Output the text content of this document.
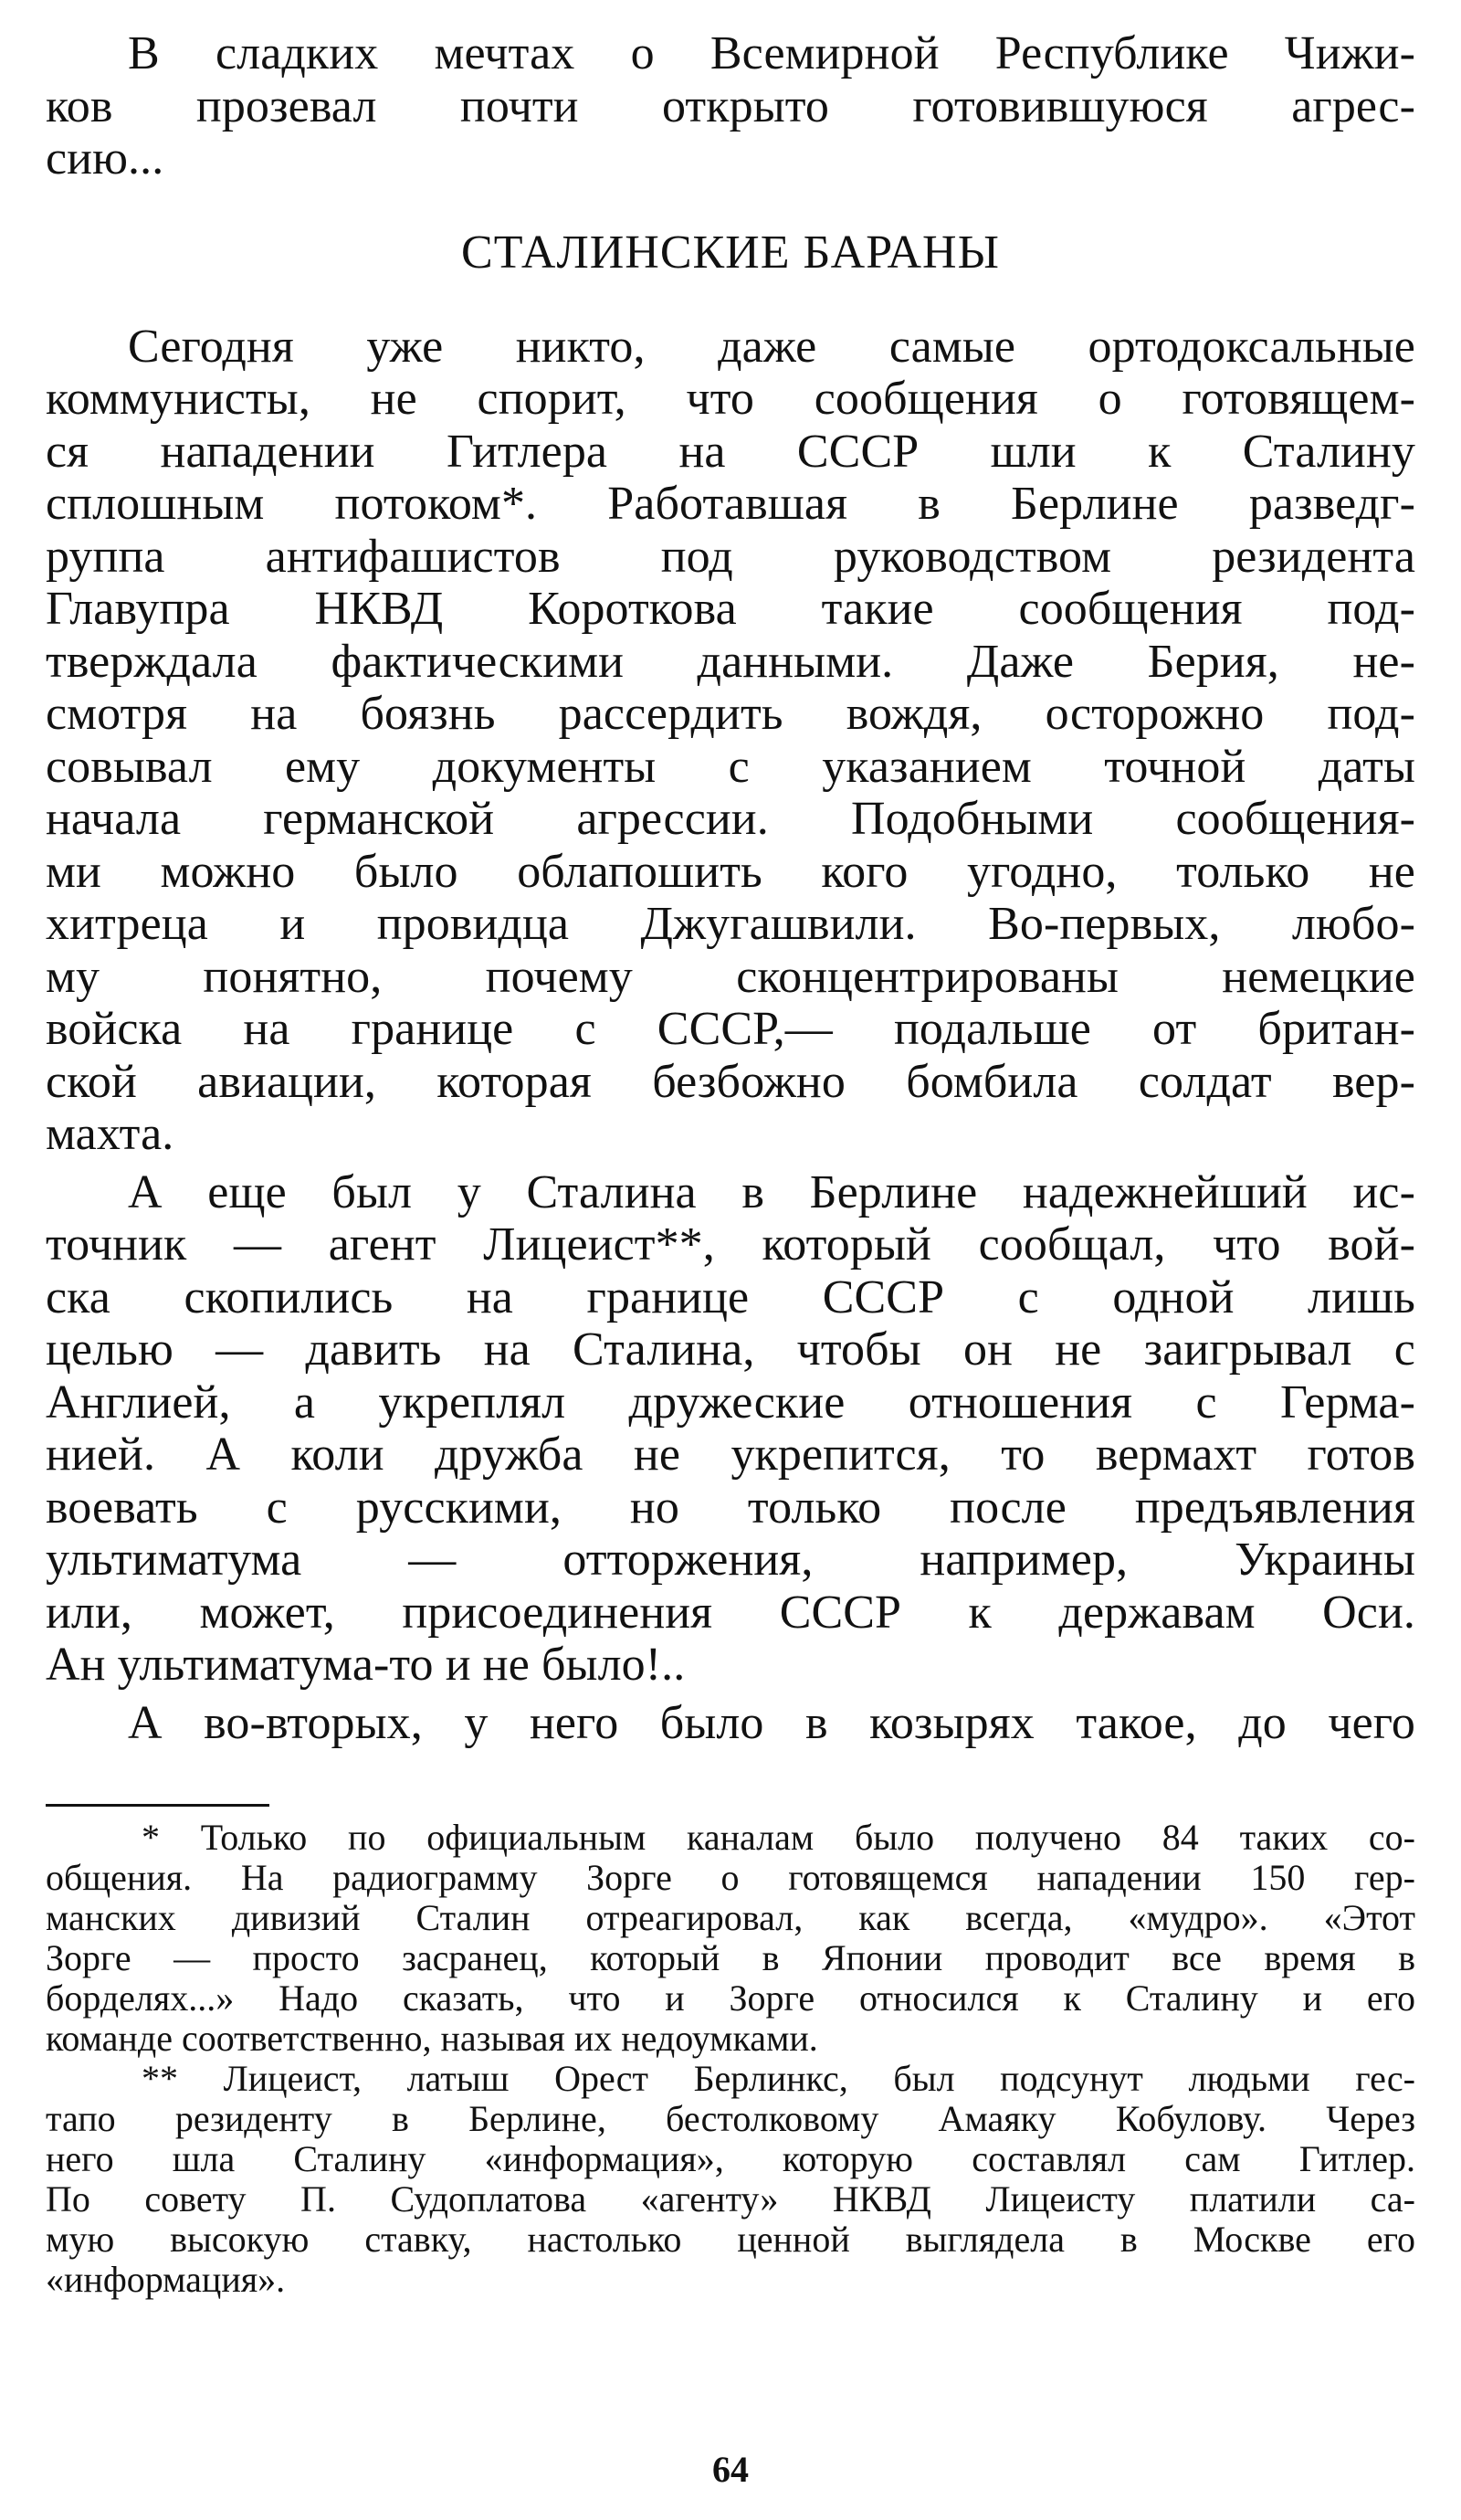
В сладких мечтах о Всемирной Республике Чижи-
ков прозевал почти открыто готовившуюся агрес-
сию...
СТАЛИНСКИЕ БАРАНЫ
Сегодня уже никто, даже самые ортодоксальные
коммунисты, не спорит, что сообщения о готовящем-
ся нападении Гитлера на СССР шли к Сталину
сплошным потоком*. Работавшая в Берлине разведг-
руппа антифашистов под руководством резидента
Главупра НКВД Короткова такие сообщения под-
тверждала фактическими данными. Даже Берия, не-
смотря на боязнь рассердить вождя, осторожно под-
совывал ему документы с указанием точной даты
начала германской агрессии. Подобными сообщения-
ми можно было облапошить кого угодно, только не
хитреца и провидца Джугашвили. Во-первых, любо-
му понятно, почему сконцентрированы немецкие
войска на границе с СССР,— подальше от британ-
ской авиации, которая безбожно бомбила солдат вер-
махта.
А еще был у Сталина в Берлине надежнейший ис-
точник — агент Лицеист**, который сообщал, что вой-
ска скопились на границе СССР с одной лишь
целью — давить на Сталина, чтобы он не заигрывал с
Англией, а укреплял дружеские отношения с Герма-
нией. А коли дружба не укрепится, то вермахт готов
воевать с русскими, но только после предъявления
ультиматума — отторжения, например, Украины
или, может, присоединения СССР к державам Оси.
Ан ультиматума-то и не было!..
А во-вторых, у него было в козырях такое, до чего
* Только по официальным каналам было получено 84 таких со-
общения. На радиограмму Зорге о готовящемся нападении 150 гер-
манских дивизий Сталин отреагировал, как всегда, «мудро». «Этот
Зорге — просто засранец, который в Японии проводит все время в
борделях...» Надо сказать, что и Зорге относился к Сталину и его
команде соответственно, называя их недоумками.
** Лицеист, латыш Орест Берлинкс, был подсунут людьми гес-
тапо резиденту в Берлине, бестолковому Амаяку Кобулову. Через
него шла Сталину «информация», которую составлял сам Гитлер.
По совету П. Судоплатова «агенту» НКВД Лицеисту платили са-
мую высокую ставку, настолько ценной выглядела в Москве его
«информация».
64
